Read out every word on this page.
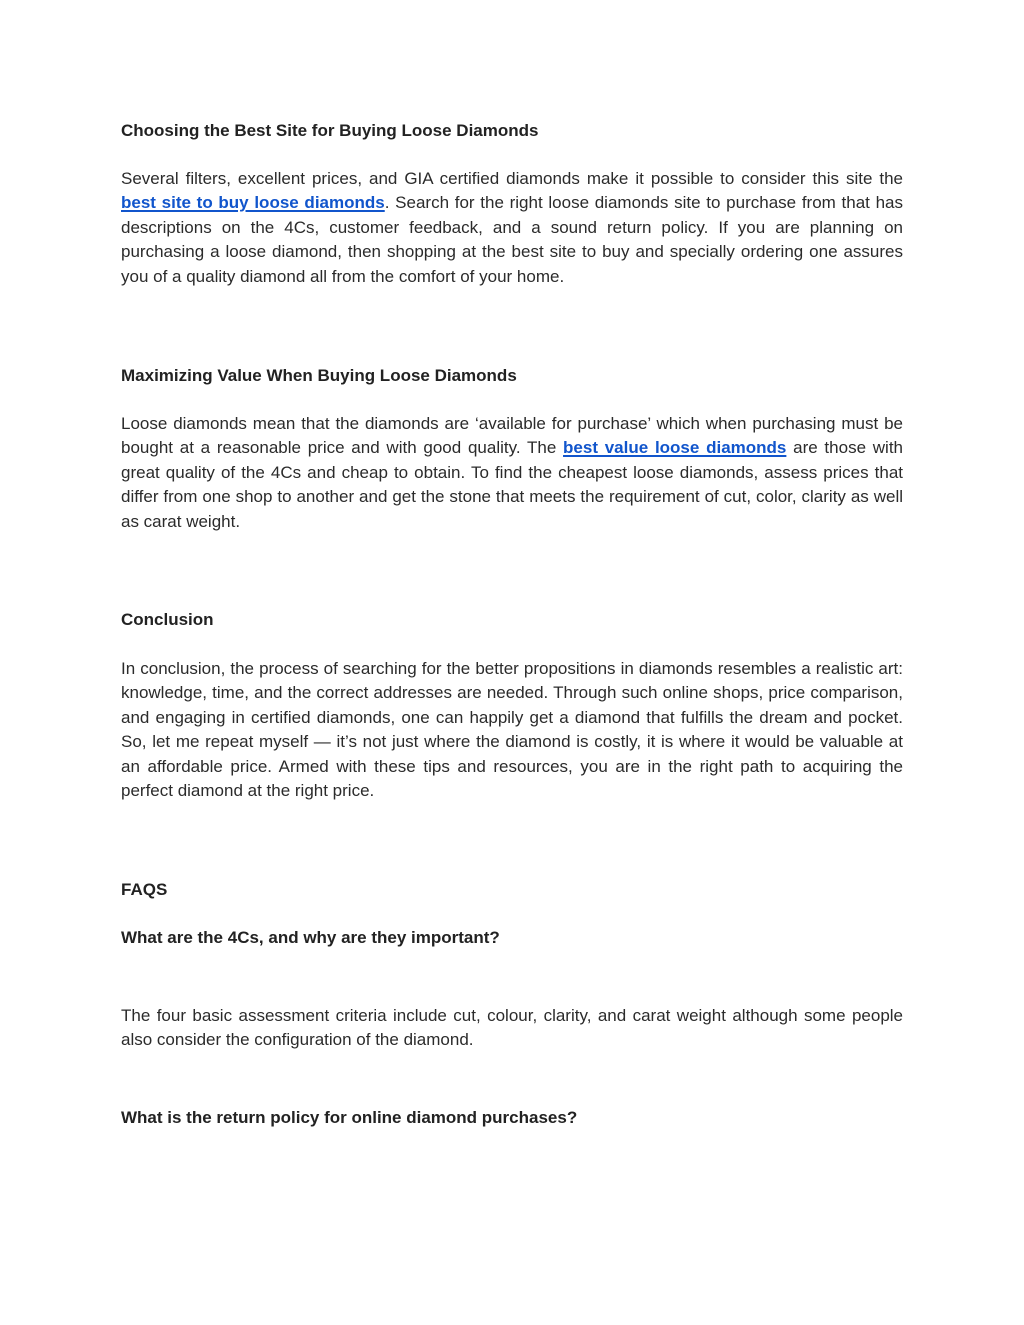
Choosing the Best Site for Buying Loose Diamonds

Several filters, excellent prices, and GIA certified diamonds make it possible to consider this site the best site to buy loose diamonds. Search for the right loose diamonds site to purchase from that has descriptions on the 4Cs, customer feedback, and a sound return policy. If you are planning on purchasing a loose diamond, then shopping at the best site to buy and specially ordering one assures you of a quality diamond all from the comfort of your home.

Maximizing Value When Buying Loose Diamonds

Loose diamonds mean that the diamonds are ‘available for purchase’ which when purchasing must be bought at a reasonable price and with good quality. The best value loose diamonds are those with great quality of the 4Cs and cheap to obtain. To find the cheapest loose diamonds, assess prices that differ from one shop to another and get the stone that meets the requirement of cut, color, clarity as well as carat weight.

Conclusion

In conclusion, the process of searching for the better propositions in diamonds resembles a realistic art: knowledge, time, and the correct addresses are needed. Through such online shops, price comparison, and engaging in certified diamonds, one can happily get a diamond that fulfills the dream and pocket. So, let me repeat myself — it’s not just where the diamond is costly, it is where it would be valuable at an affordable price. Armed with these tips and resources, you are in the right path to acquiring the perfect diamond at the right price.

FAQS
What are the 4Cs, and why are they important?

The four basic assessment criteria include cut, colour, clarity, and carat weight although some people also consider the configuration of the diamond.

What is the return policy for online diamond purchases?
